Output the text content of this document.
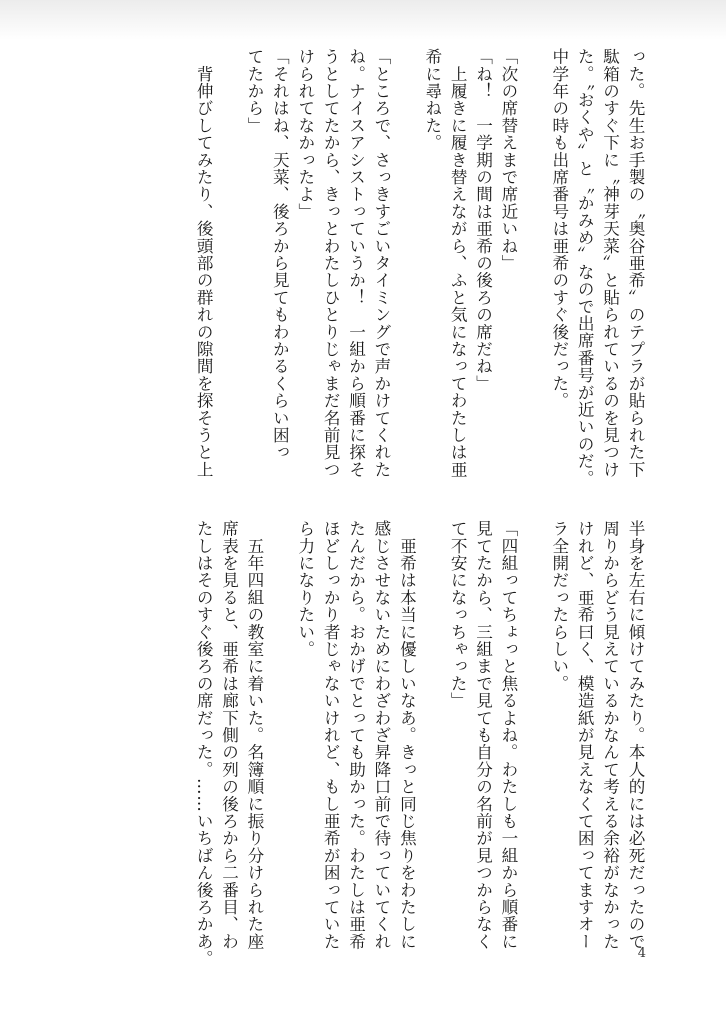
った。先生お手製の〝奥谷亜希〟のテプラが貼られた下
駄箱のすぐ下に〝神芽天菜〟と貼られているのを見つけ
た。〝おくや〟と〝かみめ〟なので出席番号が近いのだ。
中学年の時も出席番号は亜希のすぐ後だった。
「次の席替えまで席近いね」
「ね！　一学期の間は亜希の後ろの席だね」
　上履きに履き替えながら、ふと気になってわたしは亜
希に尋ねた。
「ところで、さっきすごいタイミングで声かけてくれた
ね。ナイスアシストっていうか！　一組から順番に探そ
うとしてたから、きっとわたしひとりじゃまだ名前見つ
けられてなかったよ」
「それはね、天菜、後ろから見てもわかるくらい困っ
てたから」
　背伸びしてみたり、後頭部の群れの隙間を探そうと上
半身を左右に傾けてみたり。本人的には必死だったので
周りからどう見えているかなんて考える余裕がなかった
けれど、亜希曰く、模造紙が見えなくて困ってますオー
ラ全開だったらしい。
「四組ってちょっと焦るよね。わたしも一組から順番に
見てたから、三組まで見ても自分の名前が見つからなく
て不安になっちゃった」
　亜希は本当に優しいなあ。きっと同じ焦りをわたしに
感じさせないためにわざわざ昇降口前で待っていてくれ
たんだから。おかげでとっても助かった。わたしは亜希
ほどしっかり者じゃないけれど、もし亜希が困っていた
ら力になりたい。
　五年四組の教室に着いた。名簿順に振り分けられた座
席表を見ると、亜希は廊下側の列の後ろから二番目、わ
たしはそのすぐ後ろの席だった。……いちばん後ろかあ。	4
